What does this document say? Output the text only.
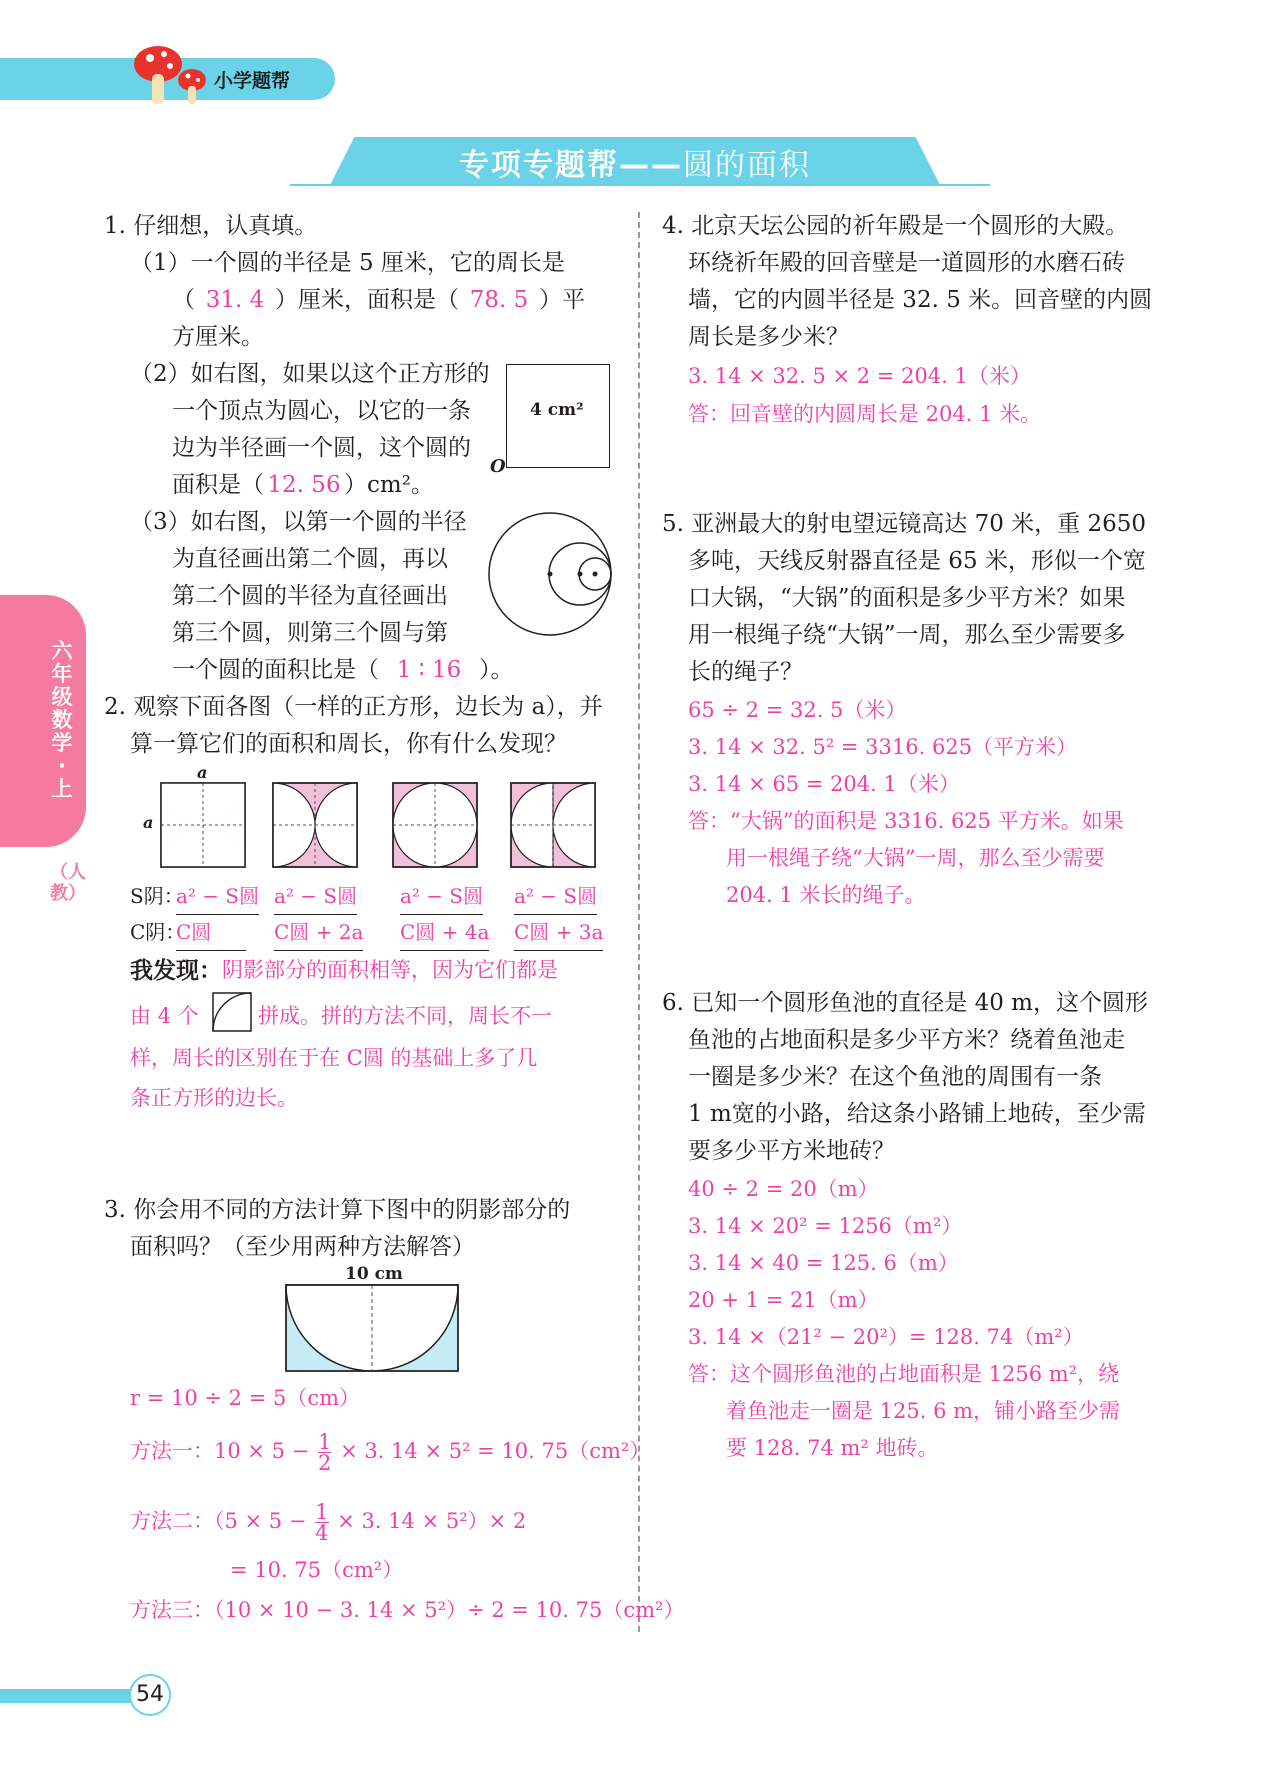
小学题帮
专项专题帮——圆的面积
六年级数学·上
（人教）
1. 仔细想，认真填。
（1）一个圆的半径是 5 厘米，它的周长是
（ 31. 4 ）厘米，面积是（ 78. 5 ）平
方厘米。
（2）如右图，如果以这个正方形的
一个顶点为圆心，以它的一条
边为半径画一个圆，这个圆的
面积是（ 12. 56 ）cm²。
4 cm²
O
（3）如右图，以第一个圆的半径
为直径画出第二个圆，再以
第二个圆的半径为直径画出
第三个圆，则第三个圆与第
一个圆的面积比是（ 1 ∶ 16 ）。
2. 观察下面各图（一样的正方形，边长为 a），并
算一算它们的面积和周长，你有什么发现？
a
a
S阴：
C阴：
a² − S圆 a² − S圆 a² − S圆 a² − S圆
C圆	C圆 + 2a C圆 + 4a C圆 + 3a
我发现： 阴影部分的面积相等，因为它们都是
由 4 个	拼成。拼的方法不同，周长不一
样，周长的区别在于在 C圆 的基础上多了几
条正方形的边长。
3. 你会用不同的方法计算下图中的阴影部分的
面积吗？（至少用两种方法解答）
10 cm
r = 10 ÷ 2 = 5（cm）
方法一：$10 \times 5 - \frac{1}{2} \times 3$. 14 × 5² = 10. 75（cm²）
方法二：（$5 \times 5 - \frac{1}{4} \times 3$. 14 × 5²）× 2
= 10. 75（cm²）
方法三：（10 × 10 − 3. 14 × 5²）÷ 2 = 10. 75（cm²）
4. 北京天坛公园的祈年殿是一个圆形的大殿。
环绕祈年殿的回音壁是一道圆形的水磨石砖
墙，它的内圆半径是 32. 5 米。回音壁的内圆
周长是多少米？
3. 14 × 32. 5 × 2 = 204. 1（米）
答：回音壁的内圆周长是 204. 1 米。
5. 亚洲最大的射电望远镜高达 70 米，重 2650
多吨，天线反射器直径是 65 米，形似一个宽
口大锅，“大锅”的面积是多少平方米？如果
用一根绳子绕“大锅”一周，那么至少需要多
长的绳子？
65 ÷ 2 = 32. 5（米）
3. 14 × 32. 5² = 3316. 625（平方米）
3. 14 × 65 = 204. 1（米）
答：“大锅”的面积是 3316. 625 平方米。如果
用一根绳子绕“大锅”一周，那么至少需要
204. 1 米长的绳子。
6. 已知一个圆形鱼池的直径是 40 m，这个圆形
鱼池的占地面积是多少平方米？绕着鱼池走
一圈是多少米？在这个鱼池的周围有一条
1 m宽的小路，给这条小路铺上地砖，至少需
要多少平方米地砖？
40 ÷ 2 = 20（m）
3. 14 × 20² = 1256（m²）
3. 14 × 40 = 125. 6（m）
20 + 1 = 21（m）
3. 14 ×（21² − 20²）= 128. 74（m²）
答：这个圆形鱼池的占地面积是 1256 m²，绕
着鱼池走一圈是 125. 6 m，铺小路至少需
要 128. 74 m² 地砖。
54
